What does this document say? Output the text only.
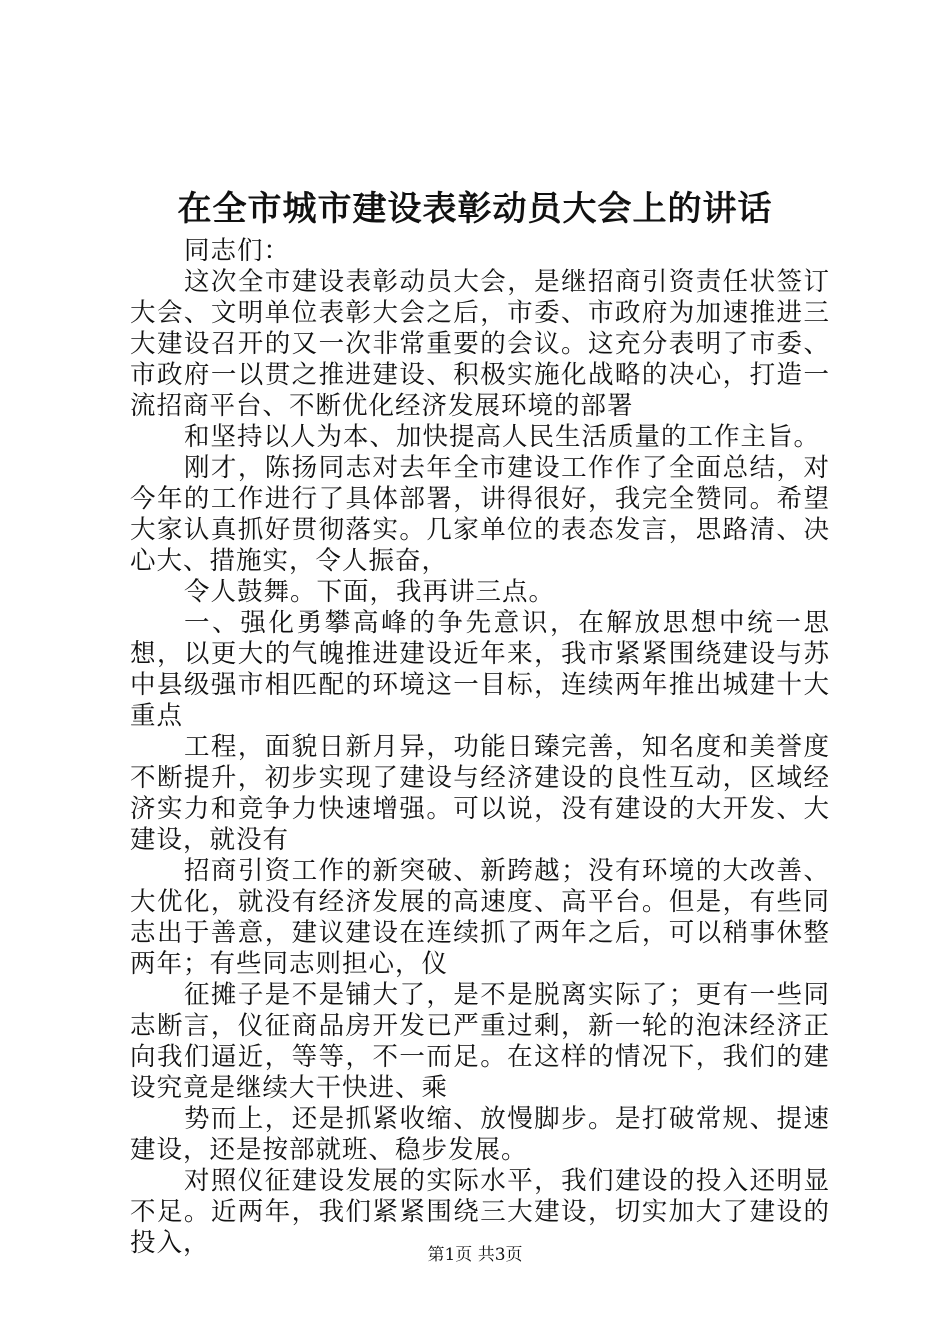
在全市城市建设表彰动员大会上的讲话

同志们：

这次全市建设表彰动员大会，是继招商引资责任状签订大会、文明单位表彰大会之后，市委、市政府为加速推进三大建设召开的又一次非常重要的会议。这充分表明了市委、市政府一以贯之推进建设、积极实施化战略的决心，打造一流招商平台、不断优化经济发展环境的部署

和坚持以人为本、加快提高人民生活质量的工作主旨。

刚才，陈扬同志对去年全市建设工作作了全面总结，对今年的工作进行了具体部署，讲得很好，我完全赞同。希望大家认真抓好贯彻落实。几家单位的表态发言，思路清、决心大、措施实，令人振奋，

令人鼓舞。下面，我再讲三点。

一、强化勇攀高峰的争先意识，在解放思想中统一思想，以更大的气魄推进建设近年来，我市紧紧围绕建设与苏中县级强市相匹配的环境这一目标，连续两年推出城建十大重点

工程，面貌日新月异，功能日臻完善，知名度和美誉度不断提升，初步实现了建设与经济建设的良性互动，区域经济实力和竞争力快速增强。可以说，没有建设的大开发、大建设，就没有

招商引资工作的新突破、新跨越；没有环境的大改善、大优化，就没有经济发展的高速度、高平台。但是，有些同志出于善意，建议建设在连续抓了两年之后，可以稍事休整两年；有些同志则担心，仪

征摊子是不是铺大了，是不是脱离实际了；更有一些同志断言，仪征商品房开发已严重过剩，新一轮的泡沫经济正向我们逼近，等等，不一而足。在这样的情况下，我们的建设究竟是继续大干快进、乘

势而上，还是抓紧收缩、放慢脚步。是打破常规、提速建设，还是按部就班、稳步发展。

对照仪征建设发展的实际水平，我们建设的投入还明显不足。近两年，我们紧紧围绕三大建设，切实加大了建设的投入，	第1页 共3页
